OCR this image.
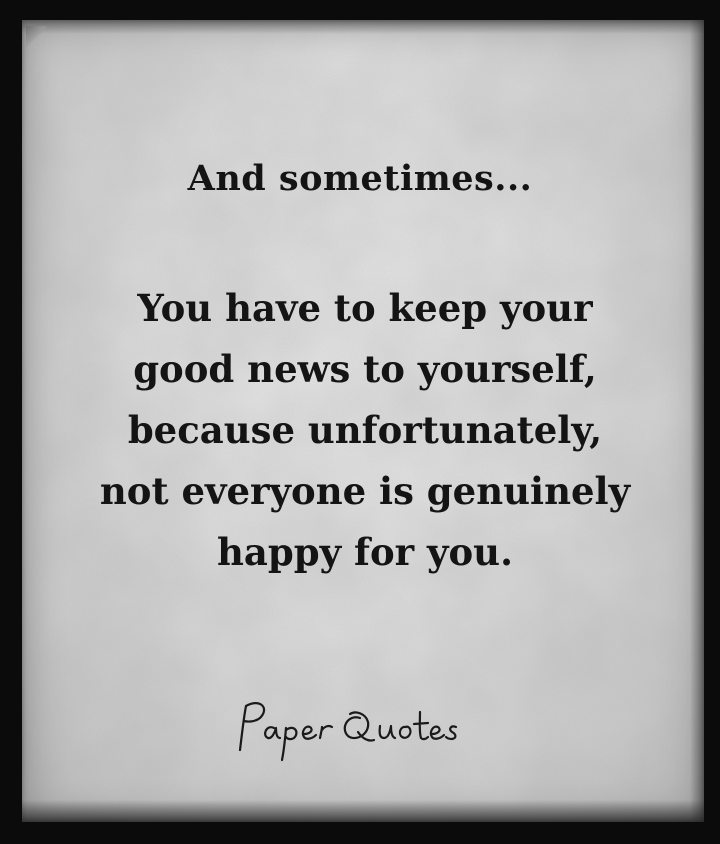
And sometimes...
You have to keep your
good news to yourself,
because unfortunately,
not everyone is genuinely
happy for you.
Paper Quotes
